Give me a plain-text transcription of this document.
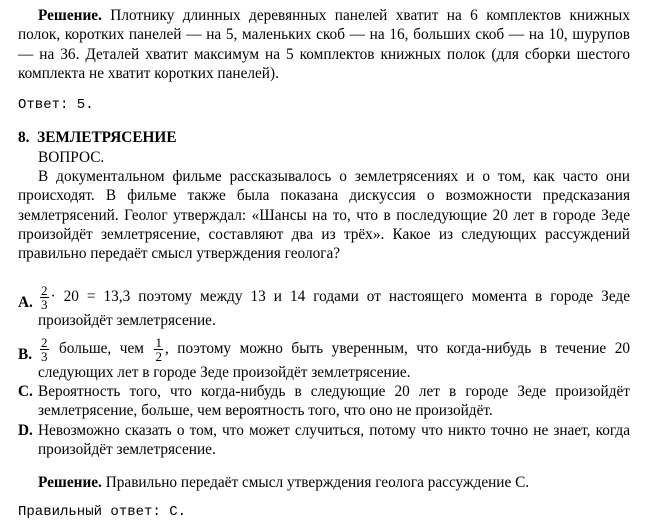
Решение. Плотнику длинных деревянных панелей хватит на 6 комплектов книжных полок, коротких панелей — на 5, маленьких скоб — на 16, больших скоб — на 10, шурупов — на 36. Деталей хватит максимум на 5 комплектов книжных полок (для сборки шестого комплекта не хватит коротких панелей).

Ответ: 5.

8. ЗЕМЛЕТРЯСЕНИЕ

ВОПРОС.

В документальном фильме рассказывалось о землетрясениях и о том, как часто они происходят. В фильме также была показана дискуссия о возможности предсказания землетрясений. Геолог утверждал: «Шансы на то, что в последующие 20 лет в городе Зеде произойдёт землетрясение, составляют два из трёх». Какое из следующих рассуждений правильно передаёт смысл утверждения геолога?

A. $\frac{2}{3} \cdot 20 = 13,3$ поэтому между 13 и 14 годами от настоящего момента в городе Зеде произойдёт землетрясение.
B. $\frac{2}{3}$ больше, чем $\frac{1}{2}$ , поэтому можно быть уверенным, что когда-нибудь в течение 20 следующих лет в городе Зеде произойдёт землетрясение.
C. Вероятность того, что когда-нибудь в следующие 20 лет в городе Зеде произойдёт землетрясение, больше, чем вероятность того, что оно не произойдёт.
D. Невозможно сказать о том, что может случиться, потому что никто точно не знает, когда произойдёт землетрясение.

Решение. Правильно передаёт смысл утверждения геолога рассуждение C.

Правильный ответ: C.
